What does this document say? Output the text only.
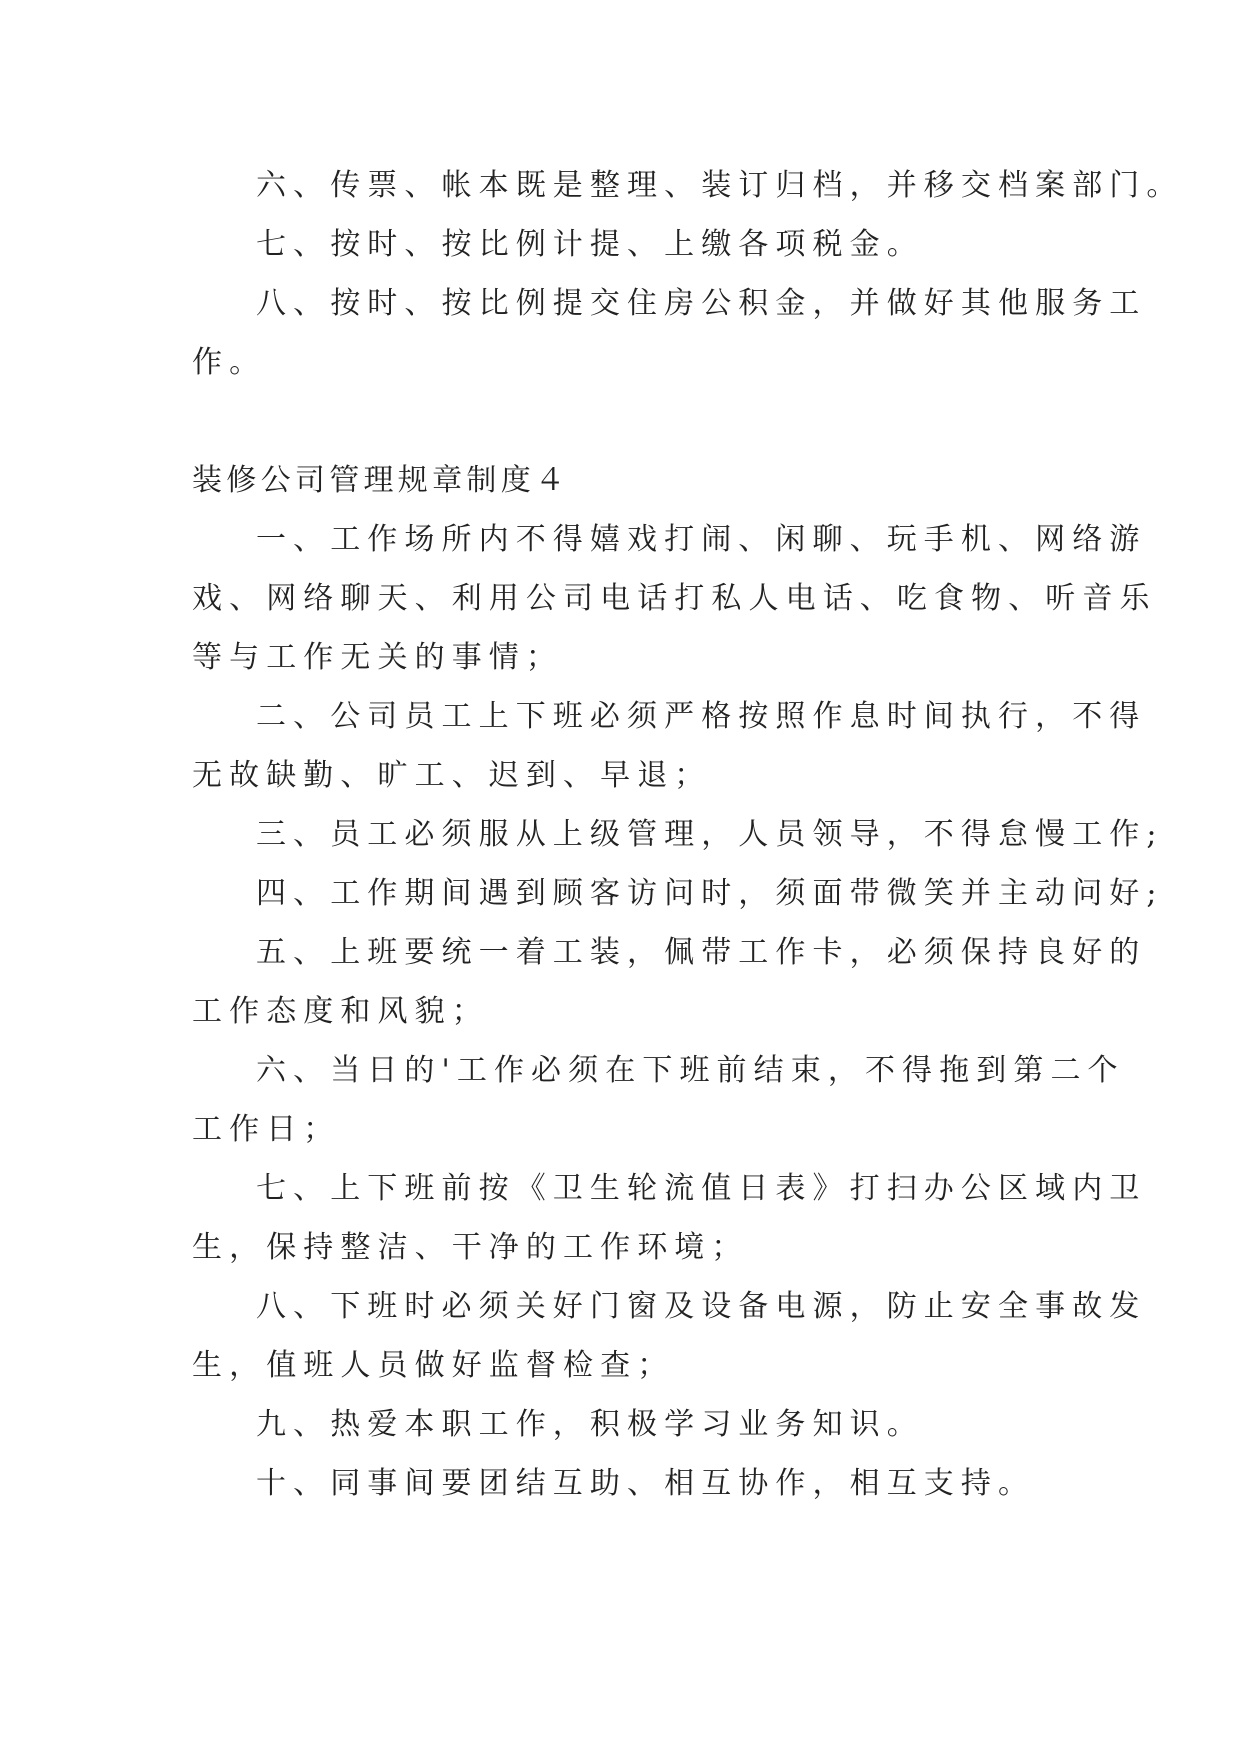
六、传票、帐本既是整理、装订归档，并移交档案部门。
七、按时、按比例计提、上缴各项税金。
八、按时、按比例提交住房公积金，并做好其他服务工
作。
装修公司管理规章制度４
一、工作场所内不得嬉戏打闹、闲聊、玩手机、网络游
戏、网络聊天、利用公司电话打私人电话、吃食物、听音乐
等与工作无关的事情；
二、公司员工上下班必须严格按照作息时间执行，不得
无故缺勤、旷工、迟到、早退；
三、员工必须服从上级管理，人员领导，不得怠慢工作;
四、工作期间遇到顾客访问时，须面带微笑并主动问好;
五、上班要统一着工装，佩带工作卡，必须保持良好的
工作态度和风貌；
六、当日的'工作必须在下班前结束，不得拖到第二个
工作日；
七、上下班前按《卫生轮流值日表》打扫办公区域内卫
生，保持整洁、干净的工作环境；
八、下班时必须关好门窗及设备电源，防止安全事故发
生，值班人员做好监督检查；
九、热爱本职工作，积极学习业务知识。
十、同事间要团结互助、相互协作，相互支持。
